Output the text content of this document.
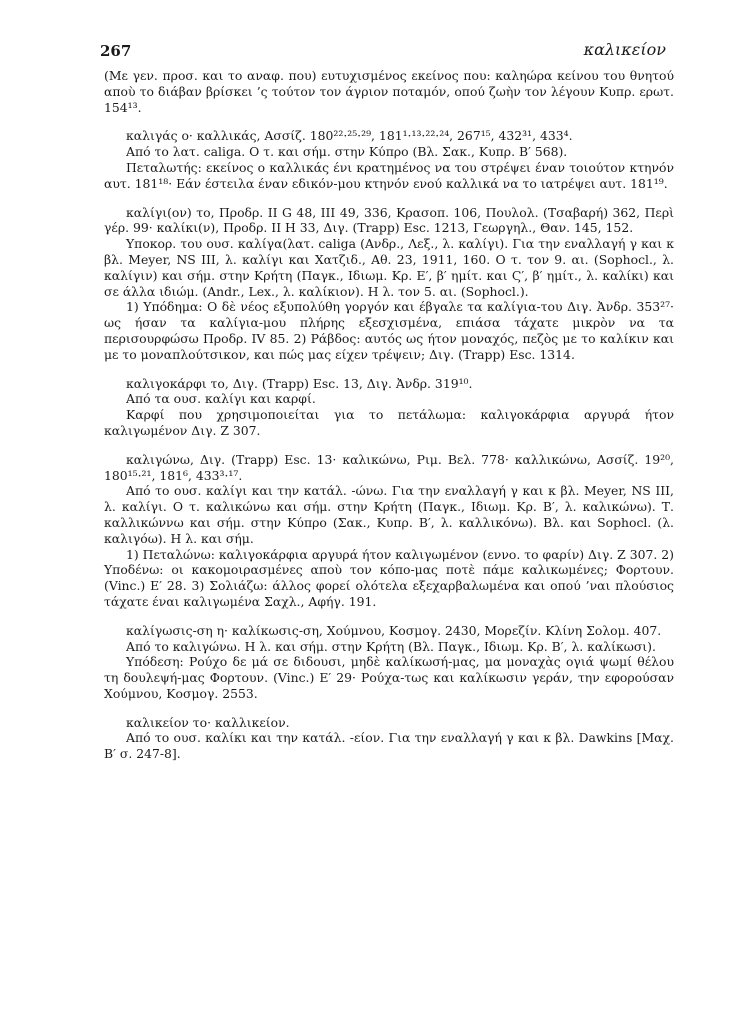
267	καλικείον

(Με γεν. προσ. και το αναφ. που) ευτυχισμένος εκείνος που: καληώρα κείνου του θνητού αποὺ το διάβαν βρίσκει ’ς τούτον τον άγριον ποταμόν, οπού ζωὴν τον λέγουν Κυπρ. ερωτ. 154¹³.

καλιγάς ο· καλλικάς, Ασσίζ. 180²²·²⁵·²⁹, 181¹·¹³·²²·²⁴, 267¹⁵, 432³¹, 433⁴.

Από το λατ. caliga. Ο τ. και σήμ. στην Κύπρο (Βλ. Σακ., Κυπρ. Β′ 568).

Πεταλωτής: εκείνος ο καλλικάς ένι κρατημένος να του στρέψει έναν τοιούτον κτηνόν αυτ. 181¹⁸· Εάν έστειλα έναν εδικόν-μου κτηνόν ενού καλλικά να το ιατρέψει αυτ. 181¹⁹.

καλίγι(ον) το, Προδρ. II G 48, III 49, 336, Κρασοπ. 106, Πουλολ. (Τσαβαρή) 362, Περὶ γέρ. 99· καλίκι(ν), Προδρ. II H 33, Διγ. (Trapp) Esc. 1213, Γεωργηλ., Θαν. 145, 152.

Υποκορ. του ουσ. καλίγα(λατ. caliga (Ανδρ., Λεξ., λ. καλίγι). Για την εναλλαγή γ και κ βλ. Meyer, NS III, λ. καλίγι και Χατζιδ., Αθ. 23, 1911, 160. Ο τ. τον 9. αι. (Sophocl., λ. καλίγιν) και σήμ. στην Κρήτη (Παγκ., Ιδιωμ. Κρ. Ε′, β′ ημίτ. και Ϛ′, β′ ημίτ., λ. καλίκι) και σε άλλα ιδιώμ. (Andr., Lex., λ. καλίκιον). Η λ. τον 5. αι. (Sophocl.).

1) Υπόδημα: Ο δὲ νέος εξυπολύθη γοργόν και έβγαλε τα καλίγια-του Διγ. Ἀνδρ. 353²⁷· ως ήσαν τα καλίγια-μου πλήρης εξεσχισμένα, επιάσα τάχατε μικρὸν να τα περισουρφώσω Προδρ. IV 85. 2) Ράβδος: αυτός ως ήτον μοναχός, πεζὸς με το καλίκιν και με το μοναπλούτσικον, και πώς μας είχεν τρέψειν; Διγ. (Trapp) Esc. 1314.

καλιγοκάρφι το, Διγ. (Trapp) Esc. 13, Διγ. Ἀνδρ. 319¹⁰.

Από τα ουσ. καλίγι και καρφί.

Καρφί που χρησιμοποιείται για το πετάλωμα: καλιγοκάρφια αργυρά ήτον καλιγωμένον Διγ. Ζ 307.

καλιγώνω, Διγ. (Trapp) Esc. 13· καλικώνω, Ριμ. Βελ. 778· καλλικώνω, Ασσίζ. 19²⁰, 180¹⁵·²¹, 181⁶, 433³·¹⁷.

Από το ουσ. καλίγι και την κατάλ. -ώνω. Για την εναλλαγή γ και κ βλ. Meyer, NS III, λ. καλίγι. Ο τ. καλικώνω και σήμ. στην Κρήτη (Παγκ., Ιδιωμ. Κρ. Β′, λ. καλικώνω). Τ. καλλικώννω και σήμ. στην Κύπρο (Σακ., Κυπρ. Β′, λ. καλλικόνω). Βλ. και Sophocl. (λ. καλιγόω). Η λ. και σήμ.

1) Πεταλώνω: καλιγοκάρφια αργυρά ήτον καλιγωμένον (εννο. το φαρίν) Διγ. Ζ 307. 2) Υποδένω: οι κακομοιρασμένες αποὺ τον κόπο-μας ποτὲ πάμε καλικωμένες; Φορτουν. (Vinc.) Ε′ 28. 3) Σολιάζω: άλλος φορεί ολότελα εξεχαρβαλωμένα και οπού ’ναι πλούσιος τάχατε έναι καλιγωμένα Σαχλ., Αφήγ. 191.

καλίγωσις-ση η· καλίκωσις-ση, Χούμνου, Κοσμογ. 2430, Μορεζίν. Κλίνη Σολομ. 407.

Από το καλιγώνω. Η λ. και σήμ. στην Κρήτη (Βλ. Παγκ., Ιδιωμ. Κρ. Β′, λ. καλίκωσι).

Υπόδεση: Ρούχο δε μά σε διδουσι, μηδὲ καλίκωσή-μας, μα μοναχὰς ογιά ψωμί θέλου τη δουλεψή-μας Φορτουν. (Vinc.) Ε′ 29· Ρούχα-τως και καλίκωσιν γεράν, την εφορούσαν Χούμνου, Κοσμογ. 2553.

καλικείον το· καλλικείον.

Από το ουσ. καλίκι και την κατάλ. -είον. Για την εναλλαγή γ και κ βλ. Dawkins [Μαχ. Β′ σ. 247-8].
